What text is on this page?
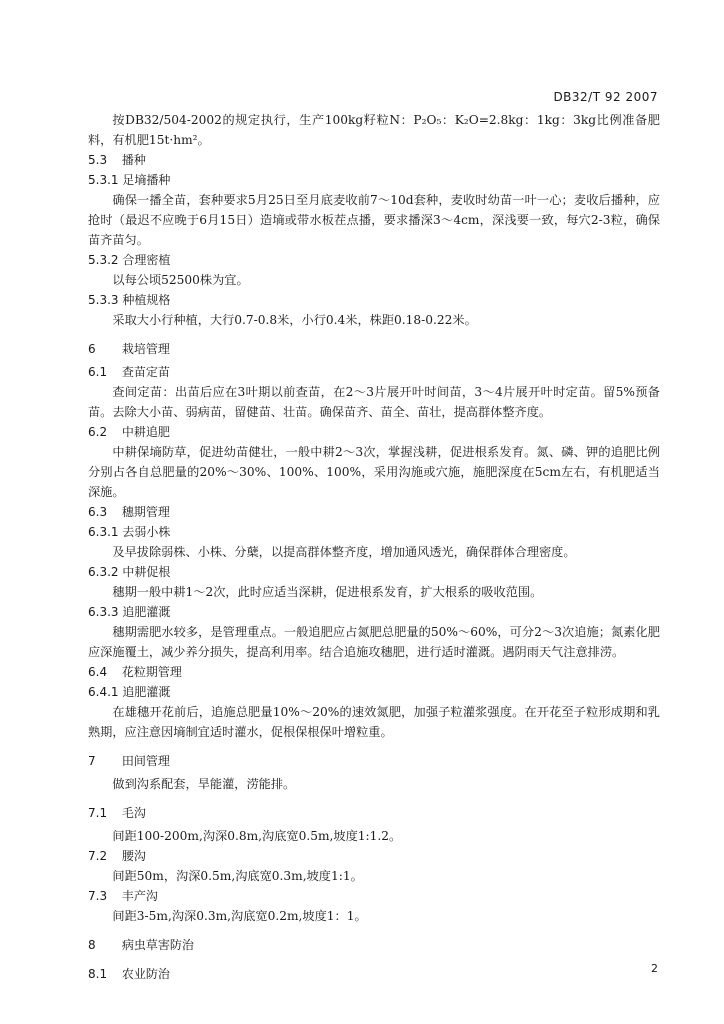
DB32/T 92 2007

按DB32/504-2002的规定执行，生产100kg籽粒N：P₂O₅：K₂O=2.8kg：1kg：3kg比例准备肥料，有机肥15t·hm²。

5.3 播种
5.3.1 足墒播种

确保一播全苗，套种要求5月25日至月底麦收前7～10d套种，麦收时幼苗一叶一心；麦收后播种，应抢时（最迟不应晚于6月15日）造墒或带水板茬点播，要求播深3～4cm，深浅要一致，每穴2-3粒，确保苗齐苗匀。

5.3.2 合理密植

以每公顷52500株为宜。

5.3.3 种植规格

采取大小行种植，大行0.7-0.8米，小行0.4米，株距0.18-0.22米。

6 栽培管理
6.1 查苗定苗

查间定苗：出苗后应在3叶期以前查苗，在2～3片展开叶时间苗，3～4片展开叶时定苗。留5%预备苗。去除大小苗、弱病苗，留健苗、壮苗。确保苗齐、苗全、苗壮，提高群体整齐度。

6.2 中耕追肥

中耕保墒防草，促进幼苗健壮，一般中耕2～3次，掌握浅耕，促进根系发育。氮、磷、钾的追肥比例分别占各自总肥量的20%～30%、100%、100%，采用沟施或穴施，施肥深度在5cm左右，有机肥适当深施。

6.3 穗期管理
6.3.1 去弱小株

及早拔除弱株、小株、分蘖，以提高群体整齐度，增加通风透光，确保群体合理密度。

6.3.2 中耕促根

穗期一般中耕1～2次，此时应适当深耕，促进根系发育，扩大根系的吸收范围。

6.3.3 追肥灌溉

穗期需肥水较多，是管理重点。一般追肥应占氮肥总肥量的50%～60%，可分2～3次追施；氮素化肥应深施覆土，减少养分损失，提高利用率。结合追施攻穗肥，进行适时灌溉。遇阴雨天气注意排涝。

6.4 花粒期管理
6.4.1 追肥灌溉

在雄穗开花前后，追施总肥量10%～20%的速效氮肥，加强子粒灌浆强度。在开花至子粒形成期和乳熟期，应注意因墒制宜适时灌水，促根保根保叶增粒重。

7 田间管理

做到沟系配套，旱能灌，涝能排。

7.1 毛沟

间距100-200m,沟深0.8m,沟底宽0.5m,坡度1:1.2。

7.2 腰沟

间距50m，沟深0.5m,沟底宽0.3m,坡度1:1。

7.3 丰产沟

间距3-5m,沟深0.3m,沟底宽0.2m,坡度1：1。

8 病虫草害防治
8.1 农业防治	2
